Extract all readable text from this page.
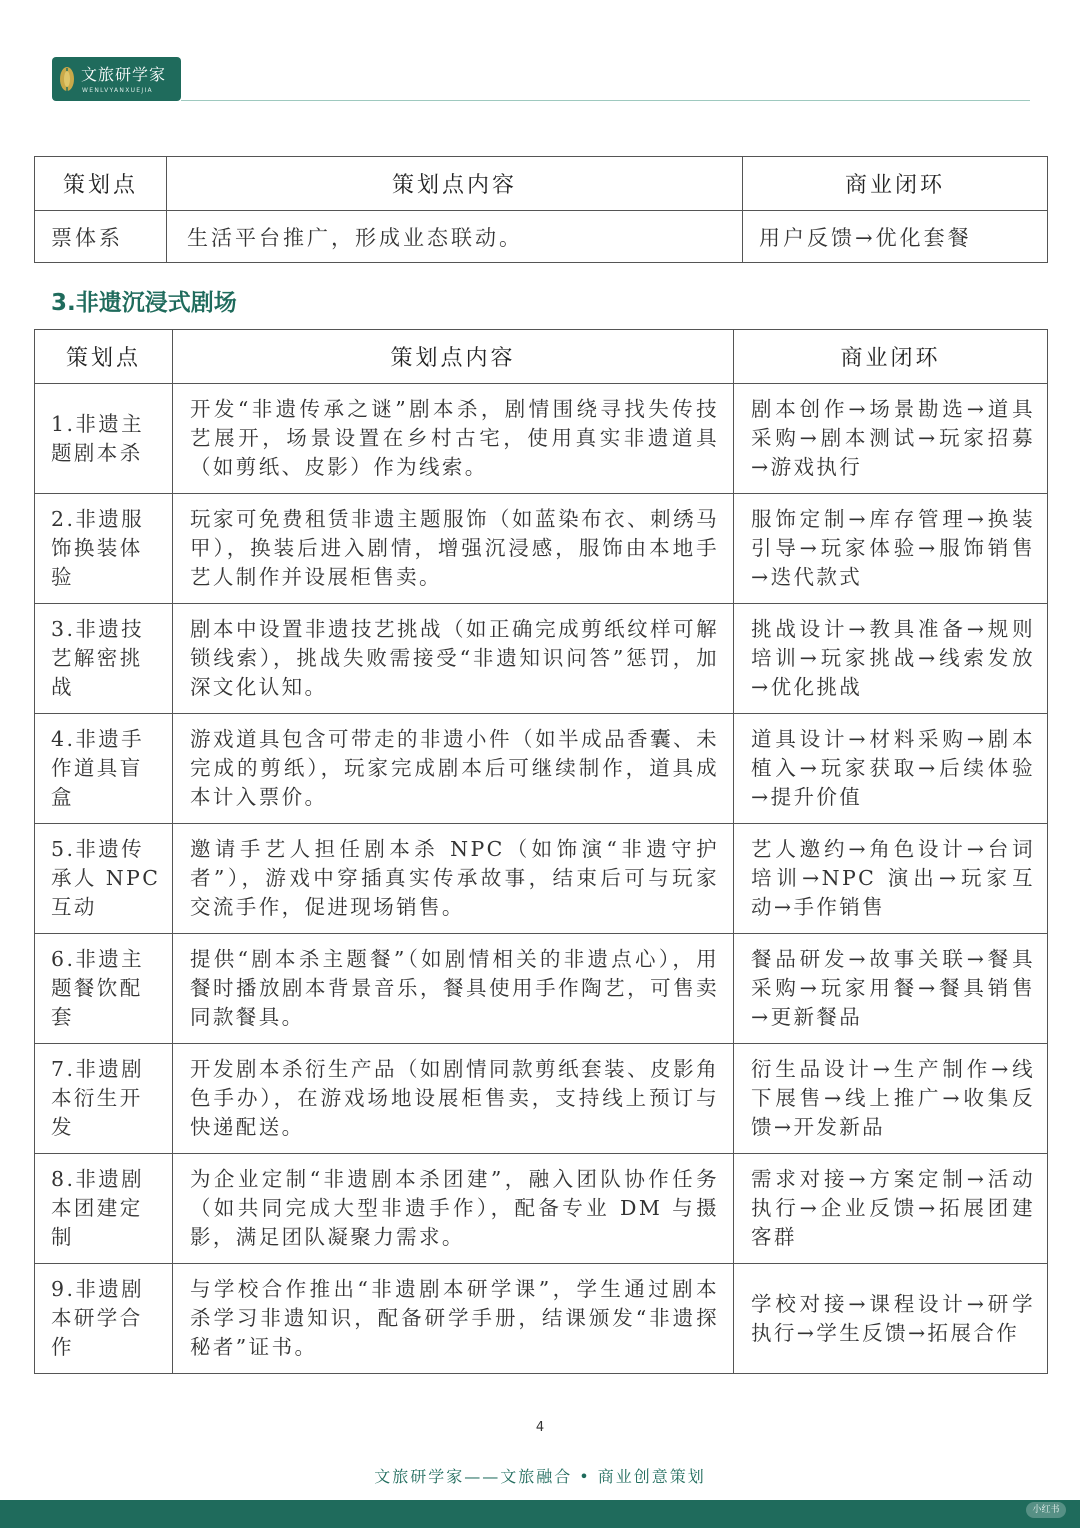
文旅研学家
WENLVYANXUEJIA
策划点	策划点内容	商业闭环
票体系	生活平台推广，形成业态联动。	用户反馈→优化套餐
3.非遗沉浸式剧场
策划点	策划点内容	商业闭环
1.非遗主题剧本杀	开发“非遗传承之谜”剧本杀，剧情围绕寻找失传技艺展开，场景设置在乡村古宅，使用真实非遗道具（如剪纸、皮影）作为线索。	剧本创作→场景勘选→道具采购→剧本测试→玩家招募→游戏执行
2.非遗服饰换装体验	玩家可免费租赁非遗主题服饰（如蓝染布衣、刺绣马甲），换装后进入剧情，增强沉浸感，服饰由本地手艺人制作并设展柜售卖。	服饰定制→库存管理→换装引导→玩家体验→服饰销售→迭代款式
3.非遗技艺解密挑战	剧本中设置非遗技艺挑战（如正确完成剪纸纹样可解锁线索），挑战失败需接受“非遗知识问答”惩罚，加深文化认知。	挑战设计→教具准备→规则培训→玩家挑战→线索发放→优化挑战
4.非遗手作道具盲盒	游戏道具包含可带走的非遗小件（如半成品香囊、未完成的剪纸），玩家完成剧本后可继续制作，道具成本计入票价。	道具设计→材料采购→剧本植入→玩家获取→后续体验→提升价值
5.非遗传承人 NPC 互动	邀请手艺人担任剧本杀 NPC（如饰演“非遗守护者”），游戏中穿插真实传承故事，结束后可与玩家交流手作，促进现场销售。	艺人邀约→角色设计→台词培训→NPC 演出→玩家互动→手作销售
6.非遗主题餐饮配套	提供“剧本杀主题餐”（如剧情相关的非遗点心），用餐时播放剧本背景音乐，餐具使用手作陶艺，可售卖同款餐具。	餐品研发→故事关联→餐具采购→玩家用餐→餐具销售→更新餐品
7.非遗剧本衍生开发	开发剧本杀衍生产品（如剧情同款剪纸套装、皮影角色手办），在游戏场地设展柜售卖，支持线上预订与快递配送。	衍生品设计→生产制作→线下展售→线上推广→收集反馈→开发新品
8.非遗剧本团建定制	为企业定制“非遗剧本杀团建”，融入团队协作任务（如共同完成大型非遗手作），配备专业 DM 与摄影，满足团队凝聚力需求。	需求对接→方案定制→活动执行→企业反馈→拓展团建客群
9.非遗剧本研学合作	与学校合作推出“非遗剧本研学课”，学生通过剧本杀学习非遗知识，配备研学手册，结课颁发“非遗探秘者”证书。	学校对接→课程设计→研学执行→学生反馈→拓展合作
4
文旅研学家——文旅融合 • 商业创意策划
小红书
